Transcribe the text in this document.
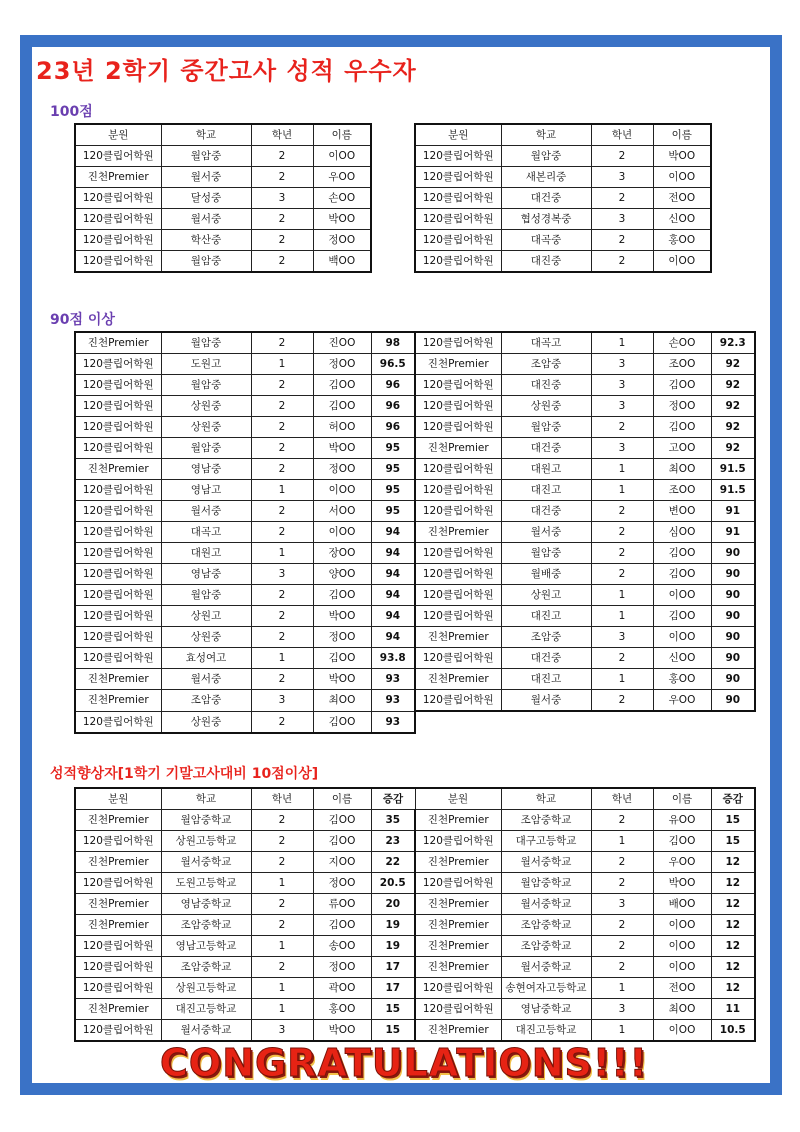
23년 2학기 중간고사 성적 우수자
100점
분원	학교	학년	이름
120클립어학원	월암중	2	이OO
진천Premier	월서중	2	우OO
120클립어학원	달성중	3	손OO
120클립어학원	월서중	2	박OO
120클립어학원	학산중	2	정OO
120클립어학원	월암중	2	백OO
분원	학교	학년	이름
120클립어학원	월암중	2	박OO
120클립어학원	새본리중	3	이OO
120클립어학원	대건중	2	전OO
120클립어학원	협성경복중	3	신OO
120클립어학원	대곡중	2	홍OO
120클립어학원	대진중	2	이OO
90점 이상
진천Premier	월암중	2	진OO	98	120클립어학원	대곡고	1	손OO	92.3
120클립어학원	도원고	1	정OO	96.5	진천Premier	조암중	3	조OO	92
120클립어학원	월암중	2	김OO	96	120클립어학원	대진중	3	김OO	92
120클립어학원	상원중	2	김OO	96	120클립어학원	상원중	3	정OO	92
120클립어학원	상원중	2	허OO	96	120클립어학원	월암중	2	김OO	92
120클립어학원	월암중	2	박OO	95	진천Premier	대건중	3	고OO	92
진천Premier	영남중	2	정OO	95	120클립어학원	대원고	1	최OO	91.5
120클립어학원	영남고	1	이OO	95	120클립어학원	대진고	1	조OO	91.5
120클립어학원	월서중	2	서OO	95	120클립어학원	대건중	2	변OO	91
120클립어학원	대곡고	2	이OO	94	진천Premier	월서중	2	심OO	91
120클립어학원	대원고	1	장OO	94	120클립어학원	월암중	2	김OO	90
120클립어학원	영남중	3	양OO	94	120클립어학원	월배중	2	김OO	90
120클립어학원	월암중	2	김OO	94	120클립어학원	상원고	1	이OO	90
120클립어학원	상원고	2	박OO	94	120클립어학원	대진고	1	김OO	90
120클립어학원	상원중	2	정OO	94	진천Premier	조암중	3	이OO	90
120클립어학원	효성여고	1	김OO	93.8	120클립어학원	대건중	2	신OO	90
진천Premier	월서중	2	박OO	93	진천Premier	대진고	1	홍OO	90
진천Premier	조암중	3	최OO	93	120클립어학원	월서중	2	우OO	90
120클립어학원	상원중	2	김OO	93					
성적향상자[1학기 기말고사대비 10점이상]
분원	학교	학년	이름	증감	분원	학교	학년	이름	증감
진천Premier	월암중학교	2	김OO	35	진천Premier	조암중학교	2	유OO	15
120클립어학원	상원고등학교	2	김OO	23	120클립어학원	대구고등학교	1	김OO	15
진천Premier	월서중학교	2	지OO	22	진천Premier	월서중학교	2	우OO	12
120클립어학원	도원고등학교	1	정OO	20.5	120클립어학원	월암중학교	2	박OO	12
진천Premier	영남중학교	2	류OO	20	진천Premier	월서중학교	3	배OO	12
진천Premier	조암중학교	2	김OO	19	진천Premier	조암중학교	2	이OO	12
120클립어학원	영남고등학교	1	송OO	19	진천Premier	조암중학교	2	이OO	12
120클립어학원	조암중학교	2	정OO	17	진천Premier	월서중학교	2	이OO	12
120클립어학원	상원고등학교	1	곽OO	17	120클립어학원	송현여자고등학교	1	전OO	12
진천Premier	대진고등학교	1	홍OO	15	120클립어학원	영남중학교	3	최OO	11
120클립어학원	월서중학교	3	박OO	15	진천Premier	대진고등학교	1	이OO	10.5
CONGRATULATIONS!!!
